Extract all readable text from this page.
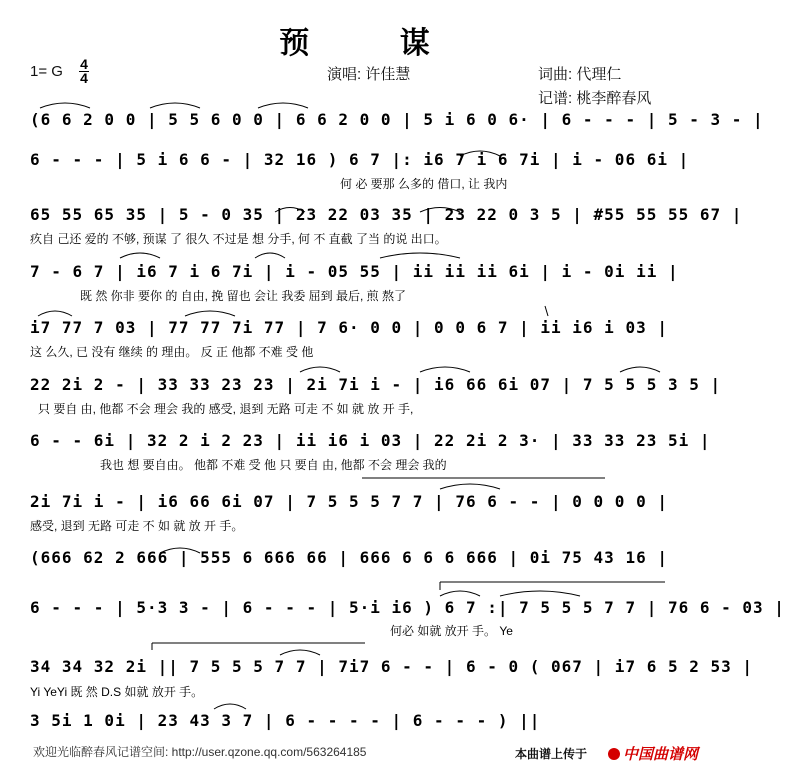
预 谋
1= G 4
4	演唱: 许佳慧	词曲: 代理仁
记谱: 桃李醉春风
(6 6 2 0 0 | 5 5 6 0 0 | 6 6 2 0 0 | 5 i 6 0 6· | 6 - - - | 5 - 3 - |
6 - - - | 5 i 6 6 - | 32 16 ) 6 7 |: i6 7 i 6 7i | i - 06 6i |
何 必 要那 么多的 借口, 让 我内
65 55 65 35 | 5 - 0 35 | 23 22 03 35 | 23 22 0 3 5 | #55 55 55 67 |
疚自 己还 爱的 不够, 预谋 了 很久 不过是 想 分手, 何 不 直截 了当 的说 出口。
7 - 6 7 | i6 7 i 6 7i | i - 05 55 | ii ii ii 6i | i - 0i ii |
既 然 你非 要你 的 自由, 挽 留也 会让 我委 屈到 最后, 煎 熬了
i7 77 7 03 | 77 77 7i 77 | 7 6· 0 0 | 0 0 6 7 | ii i6 i 03 |
这 么久, 已 没有 继续 的 理由。 反 正 他都 不难 受 他
22 2i 2 - | 33 33 23 23 | 2i 7i i - | i6 66 6i 07 | 7 5 5 5 3 5 |
只 要自 由, 他都 不会 理会 我的 感受, 退到 无路 可走 不 如 就 放 开 手,
6 - - 6i | 32 2 i 2 23 | ii i6 i 03 | 22 2i 2 3· | 33 33 23 5i |
我也 想 要自由。 他都 不难 受 他 只 要自 由, 他都 不会 理会 我的
2i 7i i - | i6 66 6i 07 | 7 5 5 5 7 7 | 76 6 - - | 0 0 0 0 |
感受, 退到 无路 可走 不 如 就 放 开 手。
(666 62 2 666 | 555 6 666 66 | 666 6 6 6 666 | 0i 75 43 16 |
6 - - - | 5·3 3 - | 6 - - - | 5·i i6 ) 6 7 :| 7 5 5 5 7 7 | 76 6 - 03 |
何必 如就 放开 手。 Ye
34 34 32 2i || 7 5 5 5 7 7 | 7i7 6 - - | 6 - 0 ( 067 | i7 6 5 2 53 |
Yi YeYi 既 然 D.S 如就 放开 手。
3 5i 1 0i | 23 43 3 7 | 6 - - - - | 6 - - - ) ||
欢迎光临醉春风记谱空间: http://user.qzone.qq.com/563264185	本曲谱上传于	中国曲谱网
